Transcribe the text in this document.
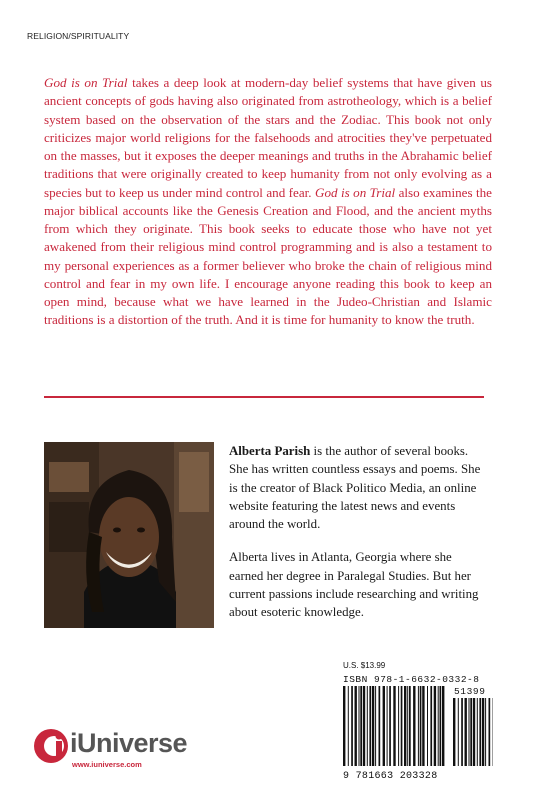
RELIGION/SPIRITUALITY

God is on Trial takes a deep look at modern-day belief systems that have given us ancient concepts of gods having also originated from astrotheology, which is a belief system based on the observation of the stars and the Zodiac. This book not only criticizes major world religions for the falsehoods and atrocities they've perpetuated on the masses, but it exposes the deeper meanings and truths in the Abrahamic belief traditions that were originally created to keep humanity from not only evolving as a species but to keep us under mind control and fear. God is on Trial also examines the major biblical accounts like the Genesis Creation and Flood, and the ancient myths from which they originate. This book seeks to educate those who have not yet awakened from their religious mind control programming and is also a testament to my personal experiences as a former believer who broke the chain of religious mind control and fear in my own life. I encourage anyone reading this book to keep an open mind, because what we have learned in the Judeo-Christian and Islamic traditions is a distortion of the truth. And it is time for humanity to know the truth.

Alberta Parish is the author of several books. She has written countless essays and poems. She is the creator of Black Politico Media, an online website featuring the latest news and events around the world.

Alberta lives in Atlanta, Georgia where she earned her degree in Paralegal Studies. But her current passions include researching and writing about esoteric knowledge.

U.S. $13.99
ISBN 978-1-6632-0332-8
51399
9 781663 203328
iUniverse
www.iuniverse.com
